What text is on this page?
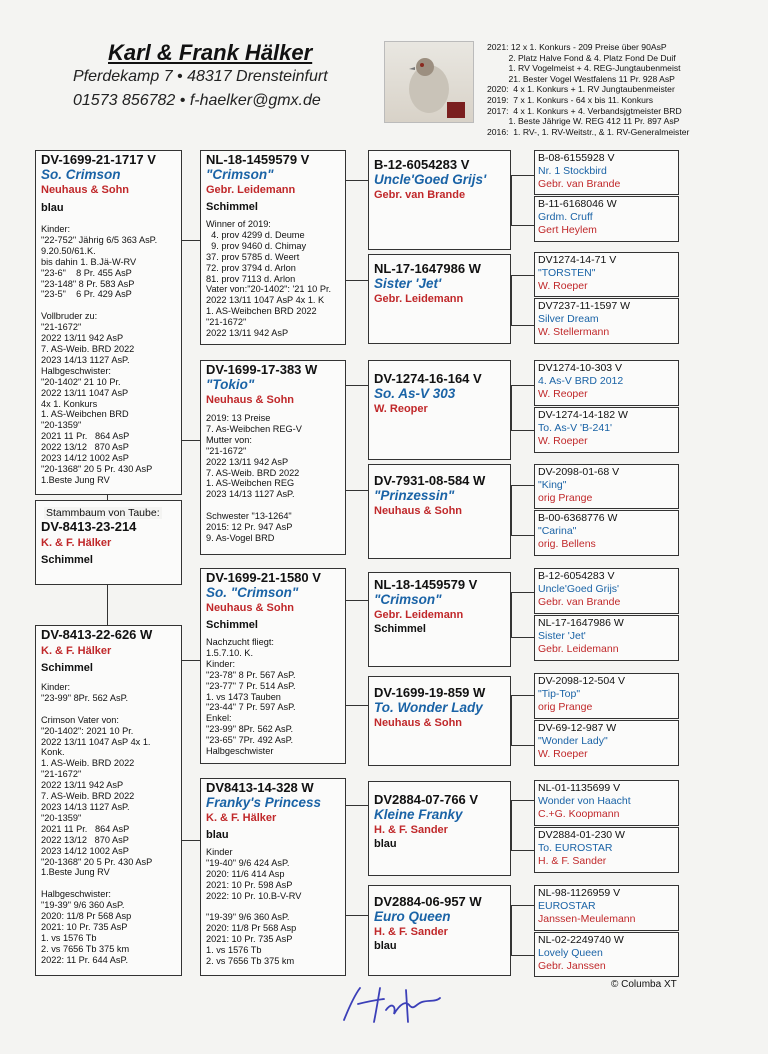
Karl & Frank Hälker
Pferdekamp 7 • 48317 Drensteinfurt
01573 856782 • f-haelker@gmx.de
2021: 12 x 1. Konkurs - 209 Preise über 90AsP
2. Platz Halve Fond & 4. Platz Fond De Duif
1. RV Vogelmeist + 4. REG-Jungtaubenmeist
21. Bester Vogel Westfalens 11 Pr. 928 AsP
2020:  4 x 1. Konkurs + 1. RV Jungtaubenmeister
2019:  7 x 1. Konkurs - 64 x bis 11. Konkurs
2017:  4 x 1. Konkurs + 4. Verbandsjgtmeister BRD
1. Beste Jährige W. REG 412 11 Pr. 897 AsP
2016:  1. RV-, 1. RV-Weitstr., & 1. RV-Generalmeister
DV-1699-21-1717 V
So. Crimson
Neuhaus & Sohn
blau
Kinder:
"22-752" Jährig 6/5 363 AsP.
9.20.50/61.K.
bis dahin 1. B.Jä-W-RV
"23-6"    8 Pr. 455 AsP
"23-148" 8 Pr. 583 AsP
"23-5"    6 Pr. 429 AsP

Vollbruder zu:
"21-1672"
2022 13/11 942 AsP
7. AS-Weib. BRD 2022
2023 14/13 1127 AsP.
Halbgeschwister:
"20-1402" 21 10 Pr.
2022 13/11 1047 AsP
4x 1. Konkurs
1. AS-Weibchen BRD
"20-1359"
2021 11 Pr.   864 AsP
2022 13/12   870 AsP
2023 14/12 1002 AsP
"20-1368" 20 5 Pr. 430 AsP
1.Beste Jung RV
DV-8413-23-214
K. & F. Hälker
Schimmel
Stammbaum von Taube:
DV-8413-22-626 W
K. & F. Hälker
Schimmel
Kinder:
"23-99" 8Pr. 562 AsP.

Crimson Vater von:
"20-1402": 2021 10 Pr.
2022 13/11 1047 AsP 4x 1.
Konk.
1. AS-Weib. BRD 2022
"21-1672"
2022 13/11 942 AsP
7. AS-Weib. BRD 2022
2023 14/13 1127 AsP.
"20-1359"
2021 11 Pr.   864 AsP
2022 13/12   870 AsP
2023 14/12 1002 AsP
"20-1368" 20 5 Pr. 430 AsP
1.Beste Jung RV

Halbgeschwister:
"19-39" 9/6 360 AsP.
2020: 11/8 Pr 568 Asp
2021: 10 Pr. 735 AsP
1. vs 1576 Tb
2. vs 7656 Tb 375 km
2022: 11 Pr. 644 AsP.
NL-18-1459579 V
"Crimson"
Gebr. Leidemann
Schimmel
Winner of 2019:
4. prov 4299 d. Deume
9. prov 9460 d. Chimay
37. prov 5785 d. Weert
72. prov 3794 d. Arlon
81. prov 7113 d. Arlon
Vater von:"20-1402": '21 10 Pr.
2022 13/11 1047 AsP 4x 1. K
1. AS-Weibchen BRD 2022
"21-1672"
2022 13/11 942 AsP
DV-1699-17-383 W
"Tokio"
Neuhaus & Sohn
2019: 13 Preise
7. As-Weibchen REG-V
Mutter von:
"21-1672"
2022 13/11 942 AsP
7. AS-Weib. BRD 2022
1. AS-Weibchen REG
2023 14/13 1127 AsP.

Schwester "13-1264"
2015: 12 Pr. 947 AsP
9. As-Vogel BRD
DV-1699-21-1580 V
So. "Crimson"
Neuhaus & Sohn
Schimmel
Nachzucht fliegt:
1.5.7.10. K.
Kinder:
"23-78" 8 Pr. 567 AsP.
"23-77" 7 Pr. 514 AsP.
1. vs 1473 Tauben
"23-44" 7 Pr. 597 AsP.
Enkel:
"23-99" 8Pr. 562 AsP.
"23-65" 7Pr. 492 AsP.
Halbgeschwister
DV8413-14-328 W
Franky's Princess
K. & F. Hälker
blau
Kinder
"19-40" 9/6 424 AsP.
2020: 11/6 414 Asp
2021: 10 Pr. 598 AsP
2022: 10 Pr. 10.B-V-RV

"19-39" 9/6 360 AsP.
2020: 11/8 Pr 568 Asp
2021: 10 Pr. 735 AsP
1. vs 1576 Tb
2. vs 7656 Tb 375 km
B-12-6054283 V
Uncle'Goed Grijs'
Gebr. van Brande
NL-17-1647986 W
Sister 'Jet'
Gebr. Leidemann
DV-1274-16-164 V
So. As-V 303
W. Reoper
DV-7931-08-584 W
"Prinzessin"
Neuhaus & Sohn
NL-18-1459579 V
"Crimson"
Gebr. Leidemann
Schimmel
DV-1699-19-859 W
To. Wonder Lady
Neuhaus & Sohn
DV2884-07-766 V
Kleine Franky
H. & F. Sander
blau
DV2884-06-957 W
Euro Queen
H. & F. Sander
blau
B-08-6155928 V
Nr. 1 Stockbird
Gebr. van Brande
B-11-6168046 W
Grdm. Cruff
Gert Heylem
DV1274-14-71 V
"TORSTEN"
W. Roeper
DV7237-11-1597 W
Silver Dream
W. Stellermann
DV1274-10-303 V
4. As-V BRD 2012
W. Reoper
DV-1274-14-182 W
To. As-V 'B-241'
W. Roeper
DV-2098-01-68 V
"King"
orig Prange
B-00-6368776 W
"Carina"
orig. Bellens
B-12-6054283 V
Uncle'Goed Grijs'
Gebr. van Brande
NL-17-1647986 W
Sister 'Jet'
Gebr. Leidemann
DV-2098-12-504 V
"Tip-Top"
orig Prange
DV-69-12-987 W
"Wonder Lady"
W. Roeper
NL-01-1135699 V
Wonder von Haacht
C.+G. Koopmann
DV2884-01-230 W
To. EUROSTAR
H. & F. Sander
NL-98-1126959 V
EUROSTAR
Janssen-Meulemann
NL-02-2249740 W
Lovely Queen
Gebr. Janssen
© Columba XT
